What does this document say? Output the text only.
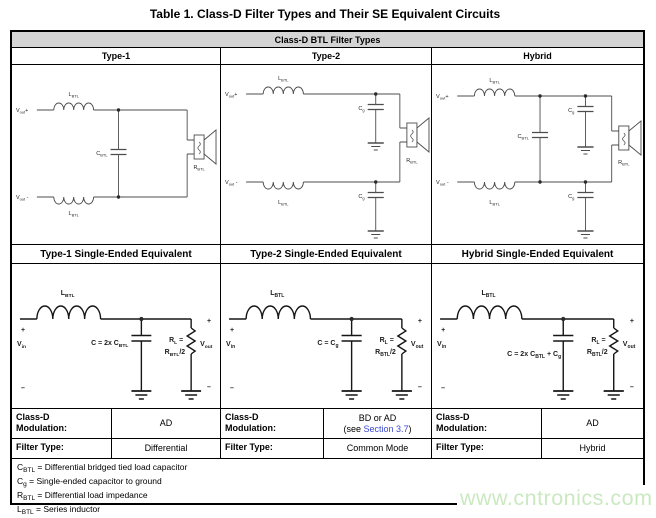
Table 1. Class-D Filter Types and Their SE Equivalent Circuits
Class-D BTL Filter Types
Type-1	Type-2	Hybrid
$V_{out}+$
$L_{BTL}$
$C_{BTL}$
$R_{BTL}$
$V_{out}$ -
$L_{BTL}$
$V_{out}+$
$L_{BTL}$
$C_g$
$R_{BTL}$
$V_{out}$ -
$L_{BTL}$
$C_g$
$V_{out}+$
$L_{BTL}$
$C_{BTL}$
$C_g$
$R_{BTL}$
$V_{out}$ -
$L_{BTL}$
$C_g$
Type-1 Single-Ended Equivalent	Type-2 Single-Ended Equivalent	Hybrid Single-Ended Equivalent
+
$V_{in}$
–
$L_{BTL}$
C = 2x $C_{BTL}$
$R_L$ =
$R_{BTL}/2$
+
$V_{out}$
–
+
$V_{in}$
–
$L_{BTL}$
$C = C_g$
$R_L$ =
$R_{BTL}/2$
+
$V_{out}$
–
+
$V_{in}$
–
$L_{BTL}$
C = 2x $C_{BTL} + C_g$
$R_L$ =
$R_{BTL}/2$
+
$V_{out}$
–
Class-D
Modulation:	AD
Class-D
Modulation:
BD or AD
(see Section 3.7)
Class-D
Modulation:	AD
Filter Type:	Differential	Filter Type:	Common Mode	Filter Type:	Hybrid
$C_{BTL}$ = Differential bridged tied load capacitor
$C_g$ = Single-ended capacitor to ground
$R_{BTL}$ = Differential load impedance
$L_{BTL}$ = Series inductor	www.cntronics.com
